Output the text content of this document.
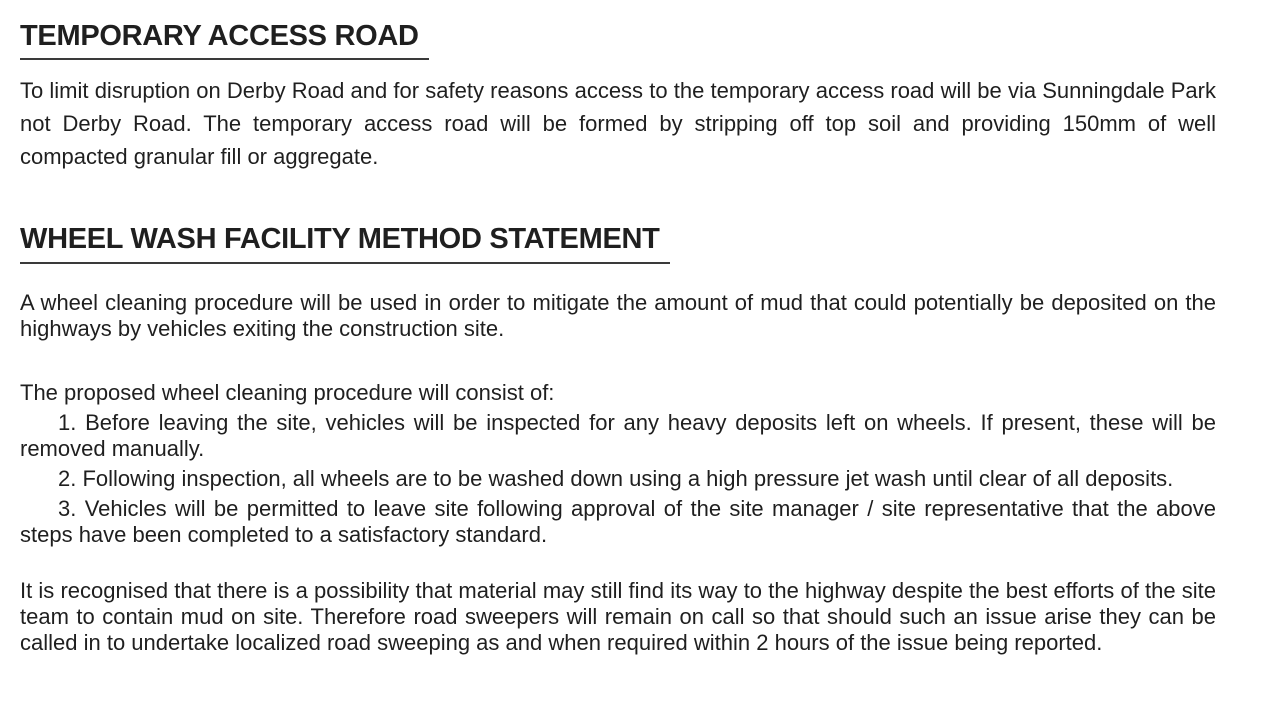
TEMPORARY ACCESS ROAD

To limit disruption on Derby Road and for safety reasons access to the temporary access road will be via Sunningdale Park not Derby Road. The temporary access road will be formed by stripping off top soil and providing 150mm of well compacted granular fill or aggregate.

WHEEL WASH FACILITY METHOD STATEMENT

A wheel cleaning procedure will be used in order to mitigate the amount of mud that could potentially be deposited on the highways by vehicles exiting the construction site.

The proposed wheel cleaning procedure will consist of:

1. Before leaving the site, vehicles will be inspected for any heavy deposits left on wheels. If present, these will be removed manually.

2. Following inspection, all wheels are to be washed down using a high pressure jet wash until clear of all deposits.

3. Vehicles will be permitted to leave site following approval of the site manager / site representative that the above steps have been completed to a satisfactory standard.

It is recognised that there is a possibility that material may still find its way to the highway despite the best efforts of the site team to contain mud on site. Therefore road sweepers will remain on call so that should such an issue arise they can be called in to undertake localized road sweeping as and when required within 2 hours of the issue being reported.
